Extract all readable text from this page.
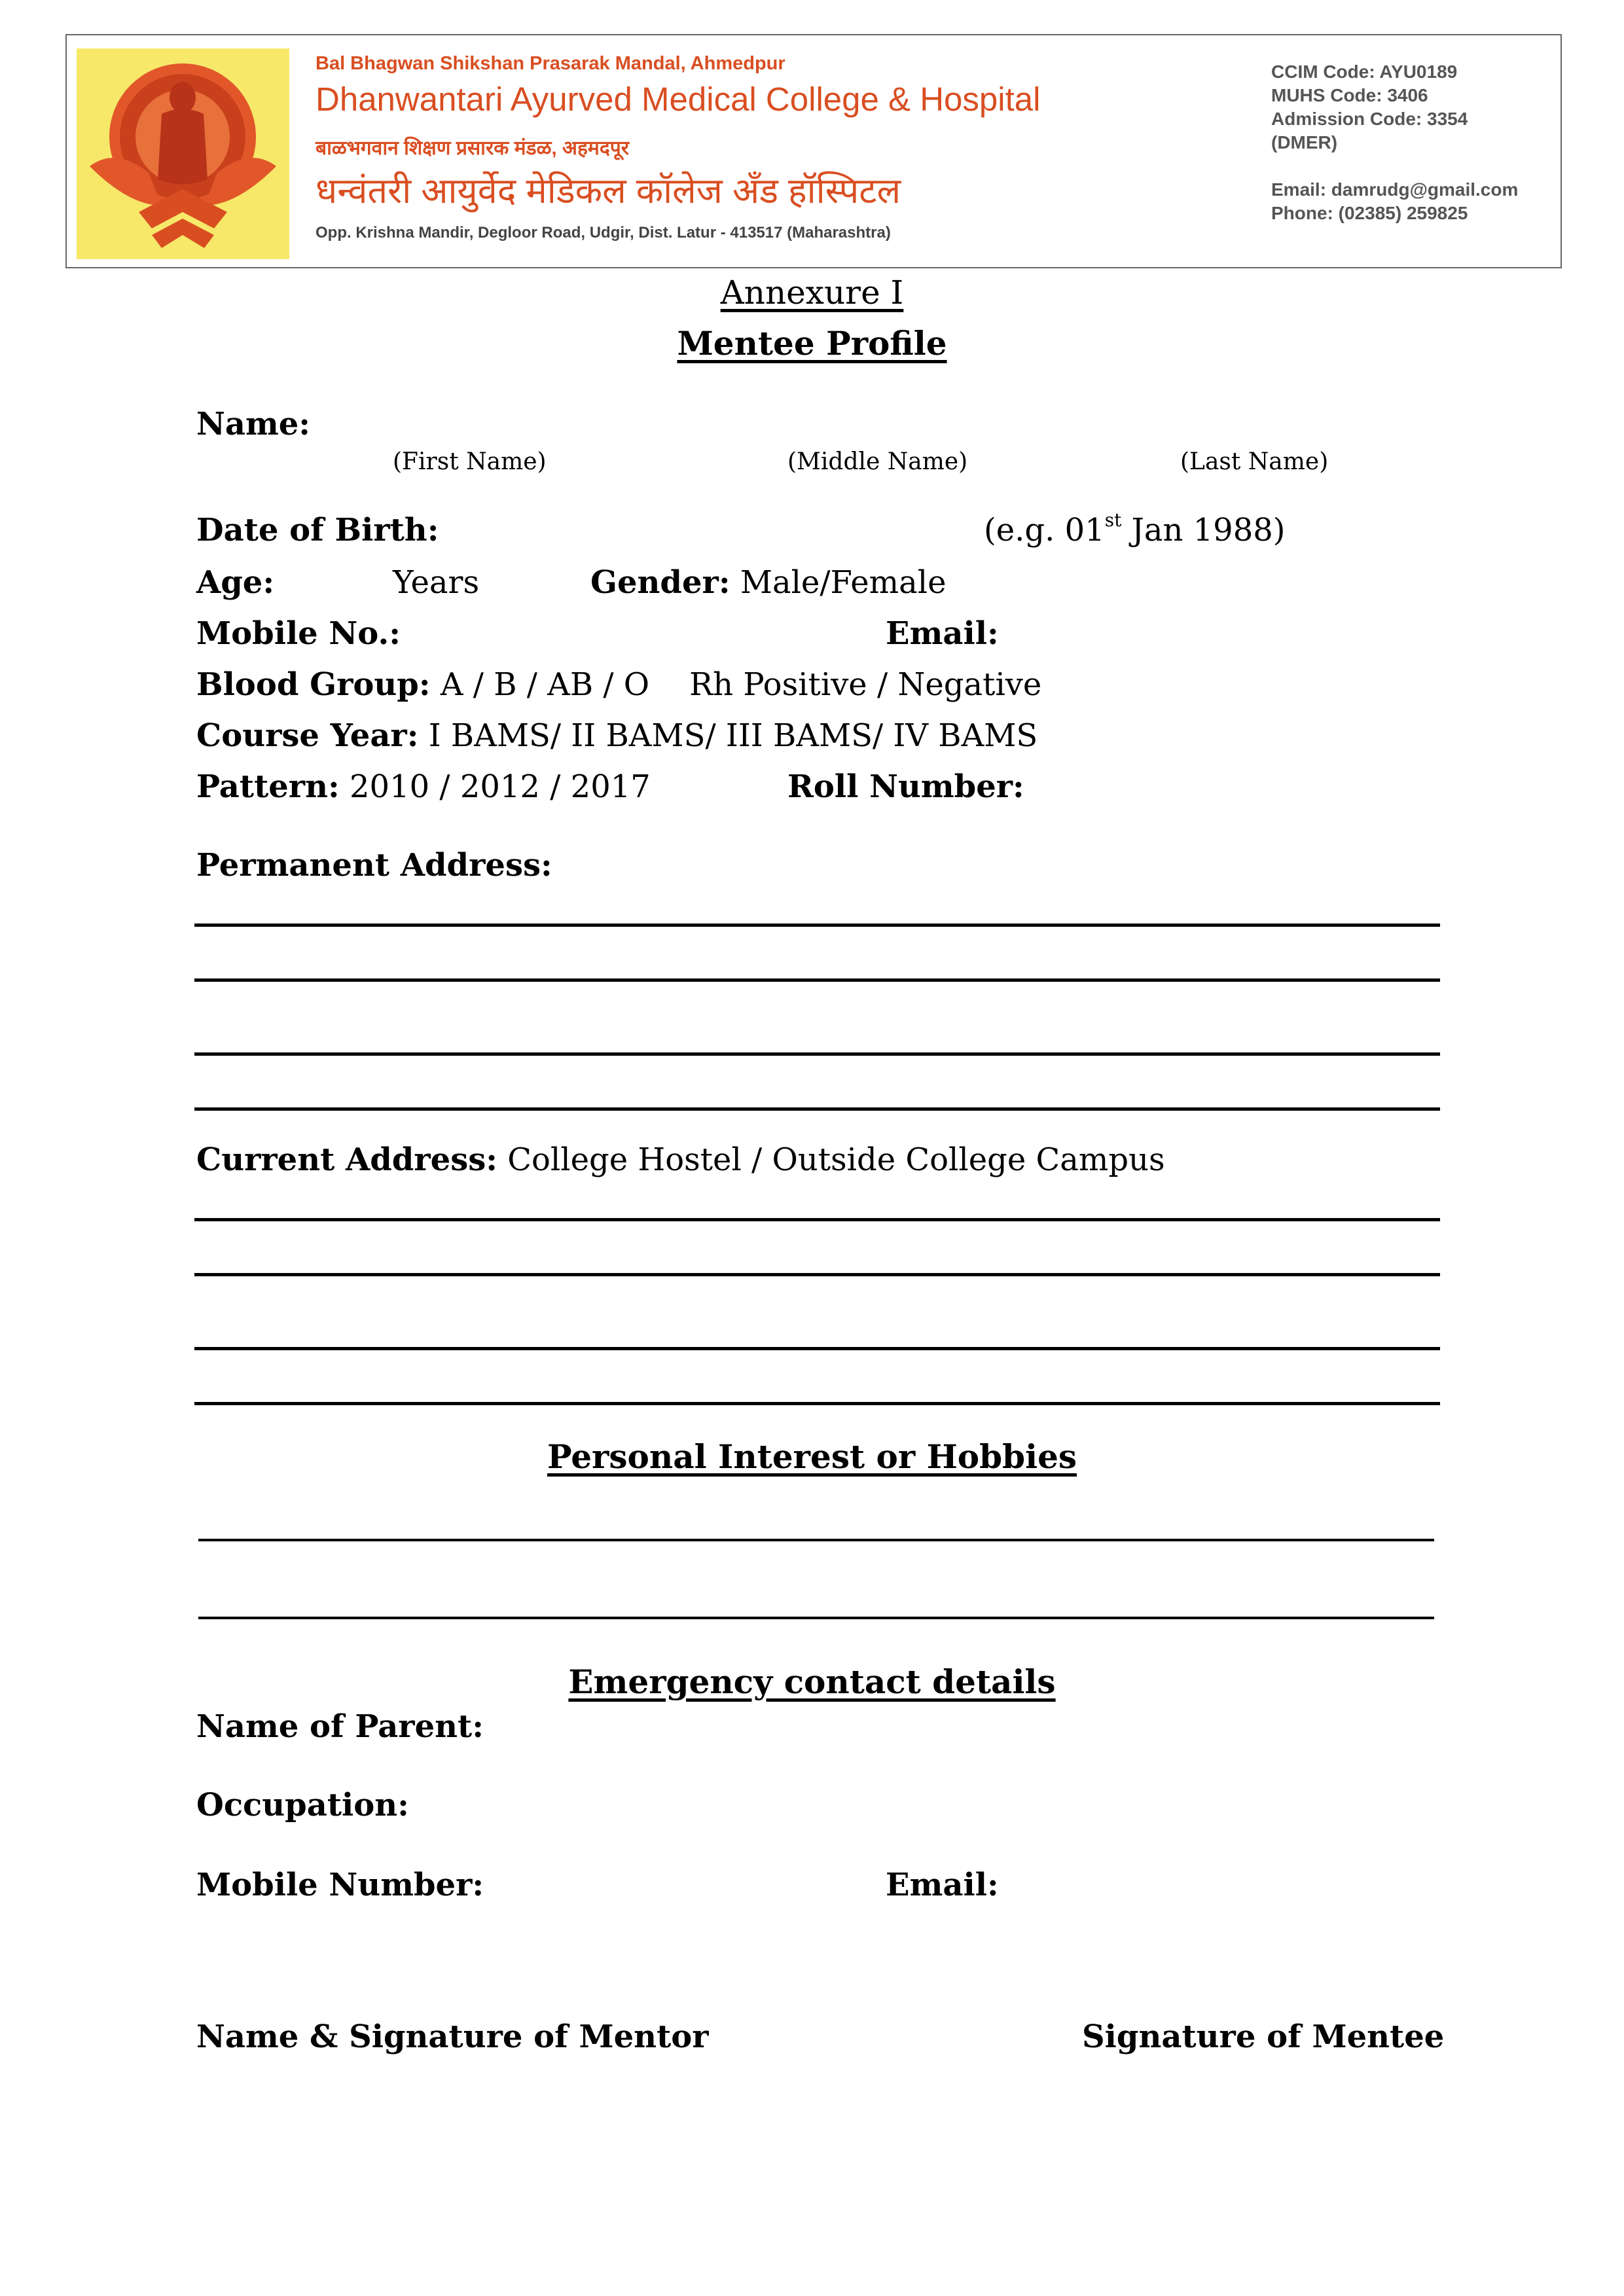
Bal Bhagwan Shikshan Prasarak Mandal, Ahmedpur
Dhanwantari Ayurved Medical College & Hospital
बाळभगवान शिक्षण प्रसारक मंडळ, अहमदपूर
धन्वंतरी आयुर्वेद मेडिकल कॉलेज अँड हॉस्पिटल
Opp. Krishna Mandir, Degloor Road, Udgir, Dist. Latur - 413517 (Maharashtra)
CCIM Code: AYU0189
MUHS Code: 3406
Admission Code: 3354
(DMER)
Email: damrudg@gmail.com
Phone: (02385) 259825
Annexure I
Mentee Profile
Name:
(First Name)	(Middle Name)	(Last Name)
Date of Birth:	(e.g. 01st Jan 1988)
Age:	Years	Gender: Male/Female
Mobile No.:	Email:
Blood Group: A / B / AB / O Rh Positive / Negative
Course Year: I BAMS/ II BAMS/ III BAMS/ IV BAMS
Pattern: 2010 / 2012 / 2017	Roll Number:
Permanent Address:
Current Address: College Hostel / Outside College Campus
Personal Interest or Hobbies
Emergency contact details
Name of Parent:
Occupation:
Mobile Number:	Email:
Name & Signature of Mentor	Signature of Mentee
